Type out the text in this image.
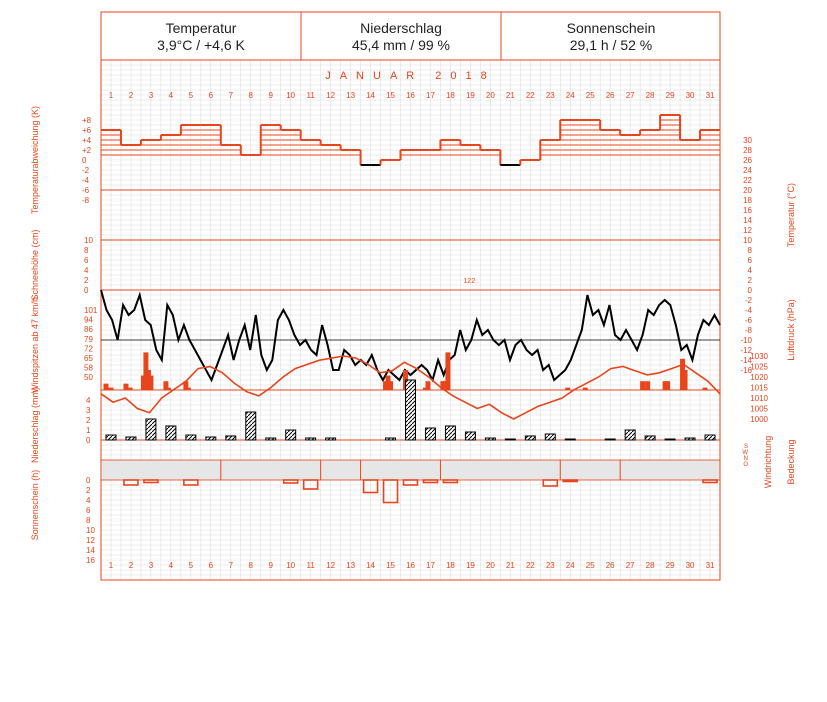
Temperatur
3,9°C / +4,6 K
Niederschlag
45,4 mm / 99 %
Sonnenschein
29,1 h / 52 %
JANUAR 2018
1
1
2
2
3
3
4
4
5
5
6
6
7
7
8
8
9
9
10
10
11
11
12
12
13
13
14
14
15
15
16
16
17
17
18
18
19
19
20
20
21
21
22
22
23
23
24
24
25
25
26
26
27
27
28
28
29
29
30
30
31
31
+8
+6
+4
+2
0
-2
-4
-6
-8
10
8
6
4
2
0
101
94
86
79
72
65
58
50
4
3
2
1
0
0
2
4
6
8
10
12
14
16
30
28
26
24
22
20
18
16
14
12
10
8
6
4
2
0
-2
-4
-6
-8
-10
-12
-14
-16
1030
1025
1020
1015
1010
1005
1000
S
W
N
O
Temperaturabweichung (K)
Schneehöhe (cm)
Windspitzen ab 47 km/h
Niederschlag (mm)
Sonnenschein (h)
Temperatur (°C)
Luftdruck (hPa)
Windrichtung Bedeckung
122
